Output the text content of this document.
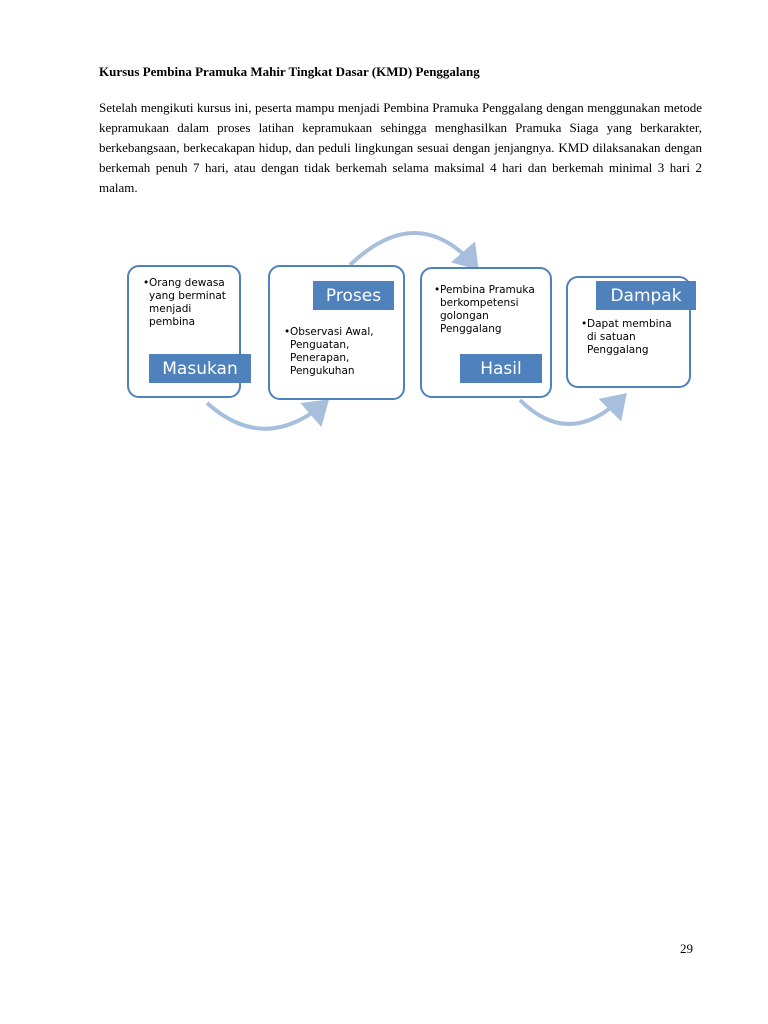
Kursus Pembina Pramuka Mahir Tingkat Dasar (KMD) Penggalang

Setelah mengikuti kursus ini, peserta mampu menjadi Pembina Pramuka Penggalang dengan menggunakan metode kepramukaan dalam proses latihan kepramukaan sehingga menghasilkan Pramuka Siaga yang berkarakter, berkebangsaan, berkecakapan hidup, dan peduli lingkungan sesuai dengan jenjangnya. KMD dilaksanakan dengan berkemah penuh 7 hari, atau dengan tidak berkemah selama maksimal 4 hari dan berkemah minimal 3 hari 2 malam.

• Orang dewasa yang berminat menjadi pembina
Masukan
• Observasi Awal, Penguatan, Penerapan, Pengukuhan
Proses
•	Pembina Pramuka berkompetensi golongan Penggalang
Hasil
• Dapat membina di satuan Penggalang
Dampak
29
